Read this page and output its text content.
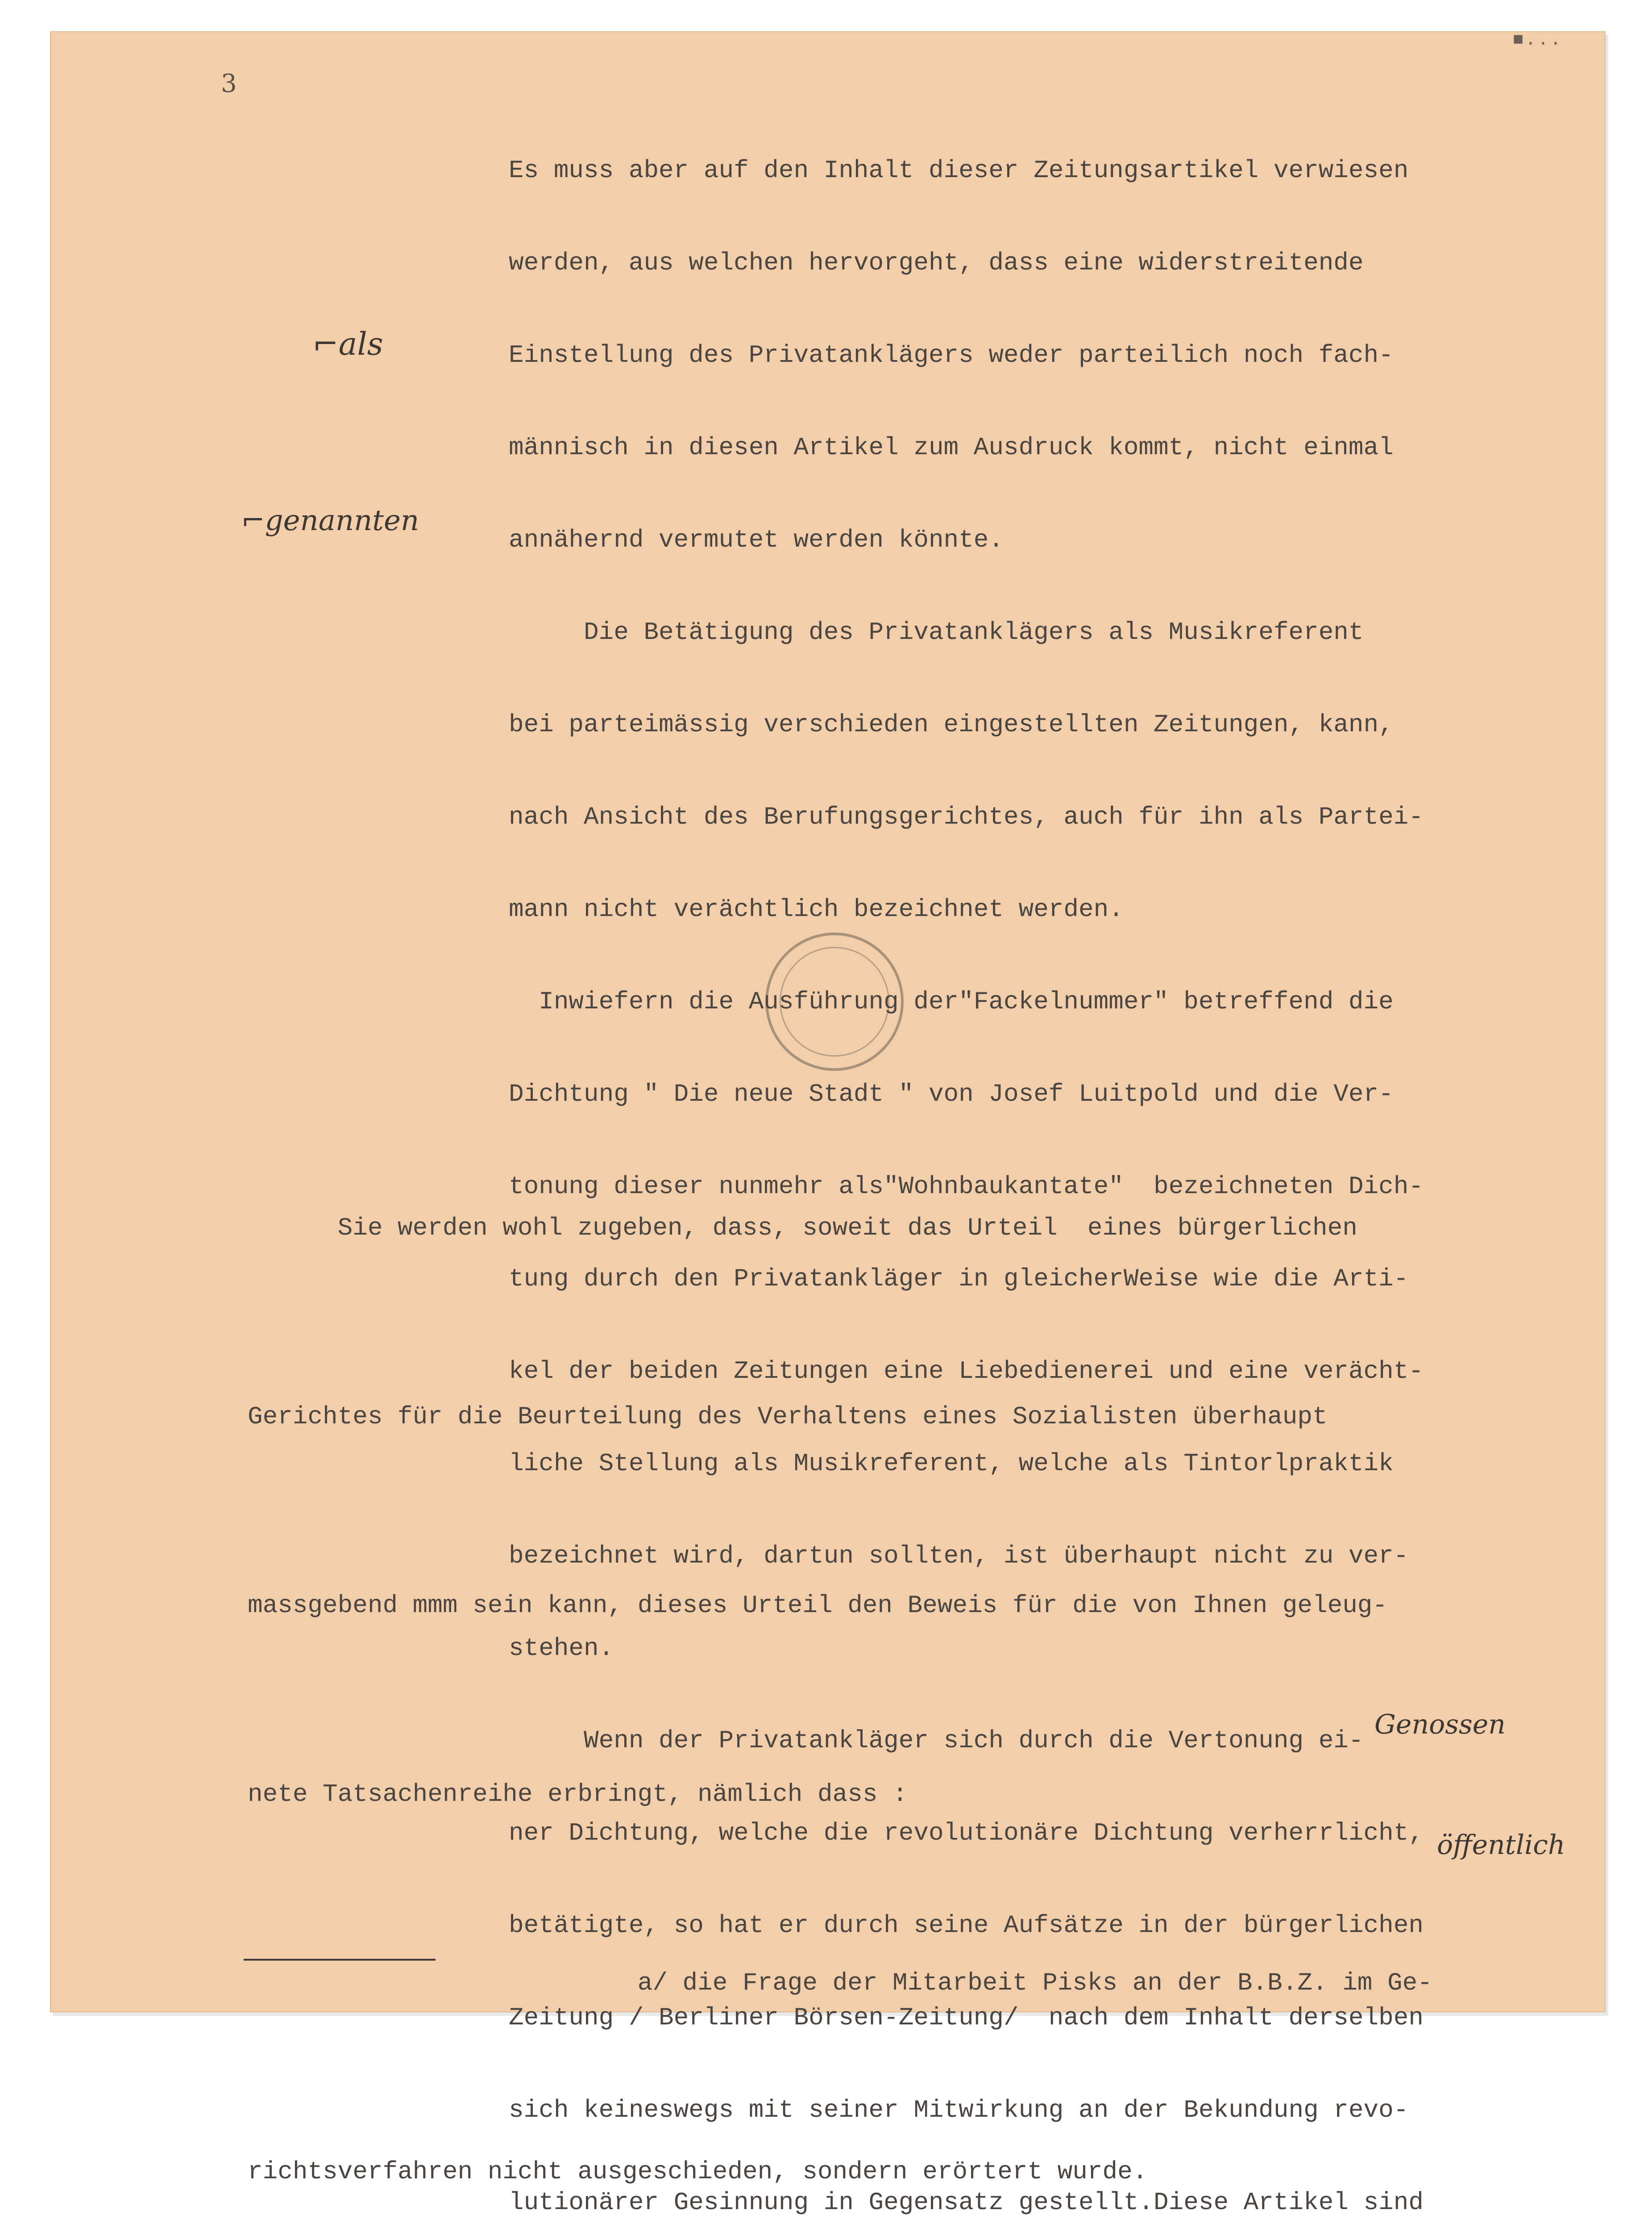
3
■...
⌐als
⌐genannten

Es muss aber auf den Inhalt dieser Zeitungsartikel verwiesen

werden, aus welchen hervorgeht, dass eine widerstreitende

Einstellung des Privatanklägers weder parteilich noch fach-

männisch in diesen Artikel zum Ausdruck kommt, nicht einmal

annähernd vermutet werden könnte.

Die Betätigung des Privatanklägers als Musikreferent

bei parteimässig verschieden eingestellten Zeitungen, kann,

nach Ansicht des Berufungsgerichtes, auch für ihn als Partei-

mann nicht verächtlich bezeichnet werden.

Inwiefern die Ausführung der"Fackelnummer" betreffend die

Dichtung " Die neue Stadt " von Josef Luitpold und die Ver-

tonung dieser nunmehr als"Wohnbaukantate"  bezeichneten Dich-

tung durch den Privatankläger in gleicherWeise wie die Arti-

kel der beiden Zeitungen eine Liebedienerei und eine verächt-

liche Stellung als Musikreferent, welche als Tintorlpraktik

bezeichnet wird, dartun sollten, ist überhaupt nicht zu ver-

stehen.

Wenn der Privatankläger sich durch die Vertonung ei-

ner Dichtung, welche die revolutionäre Dichtung verherrlicht,

betätigte, so hat er durch seine Aufsätze in der bürgerlichen

Zeitung / Berliner Börsen-Zeitung/  nach dem Inhalt derselben

sich keineswegs mit seiner Mitwirkung an der Bekundung revo-

lutionärer Gesinnung in Gegensatz gestellt.Diese Artikel sind

Sie werden wohl zugeben, dass, soweit das Urteil  eines bürgerlichen

Gerichtes für die Beurteilung des Verhaltens eines Sozialisten überhaupt

massgebend mmm sein kann, dieses Urteil den Beweis für die von Ihnen geleug-

nete Tatsachenreihe erbringt, nämlich dass :

a/ die Frage der Mitarbeit Pisks an der B.B.Z. im Ge-

richtsverfahren nicht ausgeschieden, sondern erörtert wurde.

Genossen
öffentlich
